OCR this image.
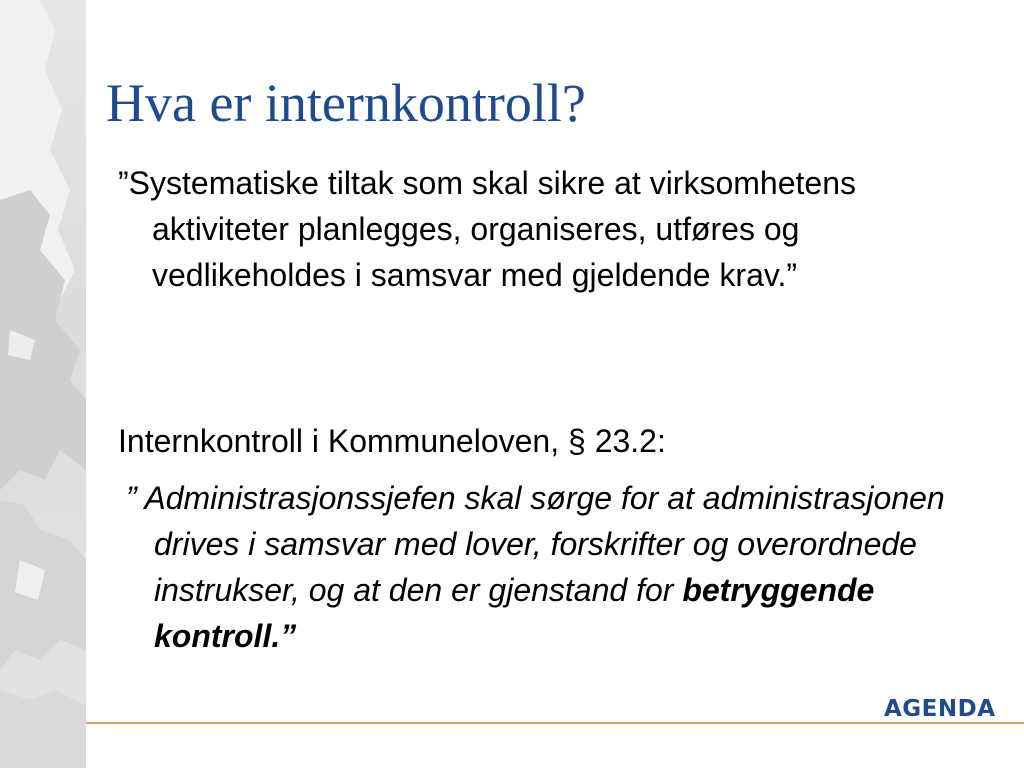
Hva er internkontroll?

”Systematiske tiltak som skal sikre at virksomhetens aktiviteter planlegges, organiseres, utføres og vedlikeholdes i samsvar med gjeldende krav.”

Internkontroll i Kommuneloven, § 23.2:

” Administrasjonssjefen skal sørge for at administrasjonen drives i samsvar med lover, forskrifter og overordnede instrukser, og at den er gjenstand for betryggende kontroll.”

AGENDA
